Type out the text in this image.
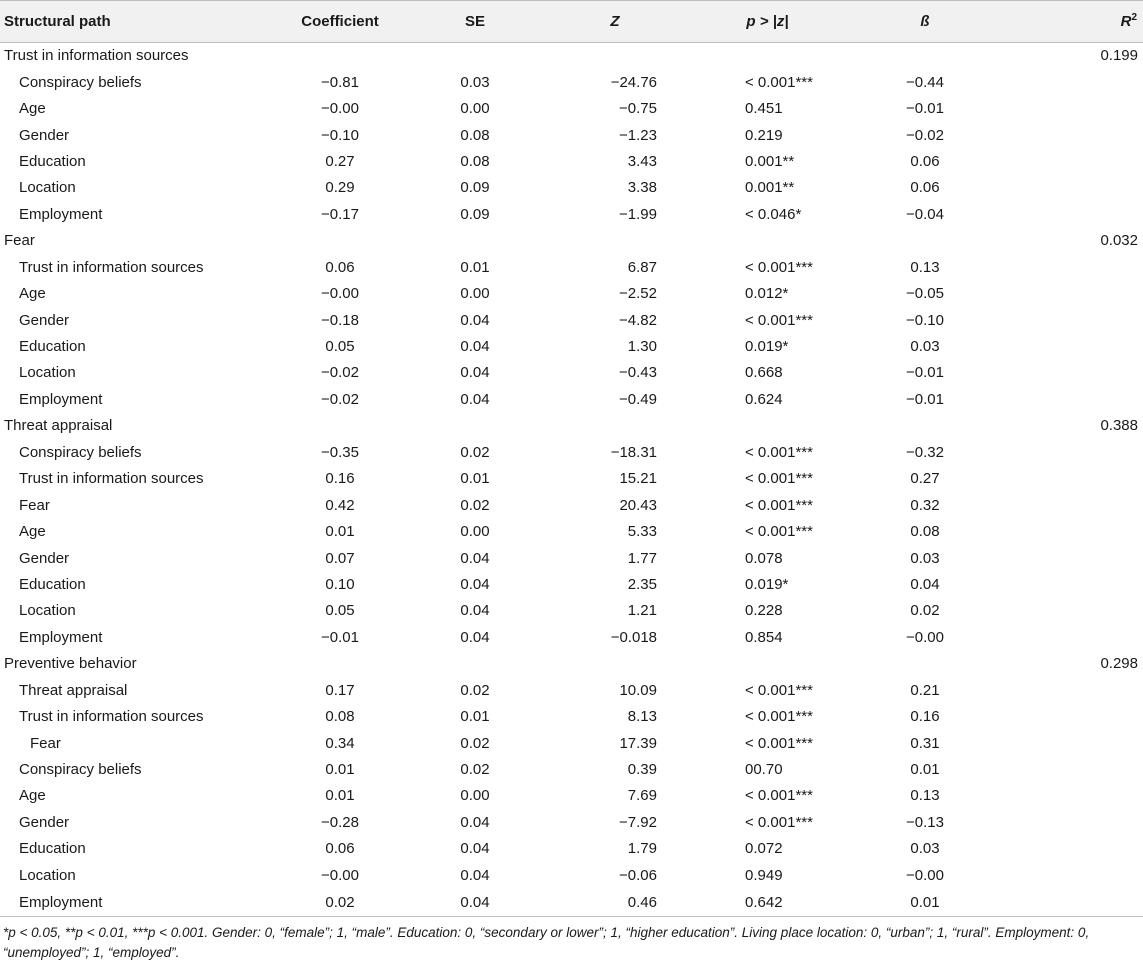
Structural path	Coefficient	SE	Z	p > |z|	ß	$R^2$
Trust in information sources						0.199
Conspiracy beliefs	−0.81	0.03	−24.76	< 0.001***	−0.44	
Age	−0.00	0.00	−0.75	0.451	−0.01	
Gender	−0.10	0.08	−1.23	0.219	−0.02	
Education	0.27	0.08	3.43	0.001**	0.06	
Location	0.29	0.09	3.38	0.001**	0.06	
Employment	−0.17	0.09	−1.99	< 0.046*	−0.04	
Fear						0.032
Trust in information sources	0.06	0.01	6.87	< 0.001***	0.13	
Age	−0.00	0.00	−2.52	0.012*	−0.05	
Gender	−0.18	0.04	−4.82	< 0.001***	−0.10	
Education	0.05	0.04	1.30	0.019*	0.03	
Location	−0.02	0.04	−0.43	0.668	−0.01	
Employment	−0.02	0.04	−0.49	0.624	−0.01	
Threat appraisal						0.388
Conspiracy beliefs	−0.35	0.02	−18.31	< 0.001***	−0.32	
Trust in information sources	0.16	0.01	15.21	< 0.001***	0.27	
Fear	0.42	0.02	20.43	< 0.001***	0.32	
Age	0.01	0.00	5.33	< 0.001***	0.08	
Gender	0.07	0.04	1.77	0.078	0.03	
Education	0.10	0.04	2.35	0.019*	0.04	
Location	0.05	0.04	1.21	0.228	0.02	
Employment	−0.01	0.04	−0.018	0.854	−0.00	
Preventive behavior						0.298
Threat appraisal	0.17	0.02	10.09	< 0.001***	0.21	
Trust in information sources	0.08	0.01	8.13	< 0.001***	0.16	
Fear	0.34	0.02	17.39	< 0.001***	0.31	
Conspiracy beliefs	0.01	0.02	0.39	00.70	0.01	
Age	0.01	0.00	7.69	< 0.001***	0.13	
Gender	−0.28	0.04	−7.92	< 0.001***	−0.13	
Education	0.06	0.04	1.79	0.072	0.03	
Location	−0.00	0.04	−0.06	0.949	−0.00	
Employment	0.02	0.04	0.46	0.642	0.01	
*p < 0.05, **p < 0.01, ***p < 0.001. Gender: 0, “female”; 1, “male”. Education: 0, “secondary or lower”; 1, “higher education”. Living place location: 0, “urban”; 1, “rural”. Employment: 0, “unemployed”; 1, “employed”.
